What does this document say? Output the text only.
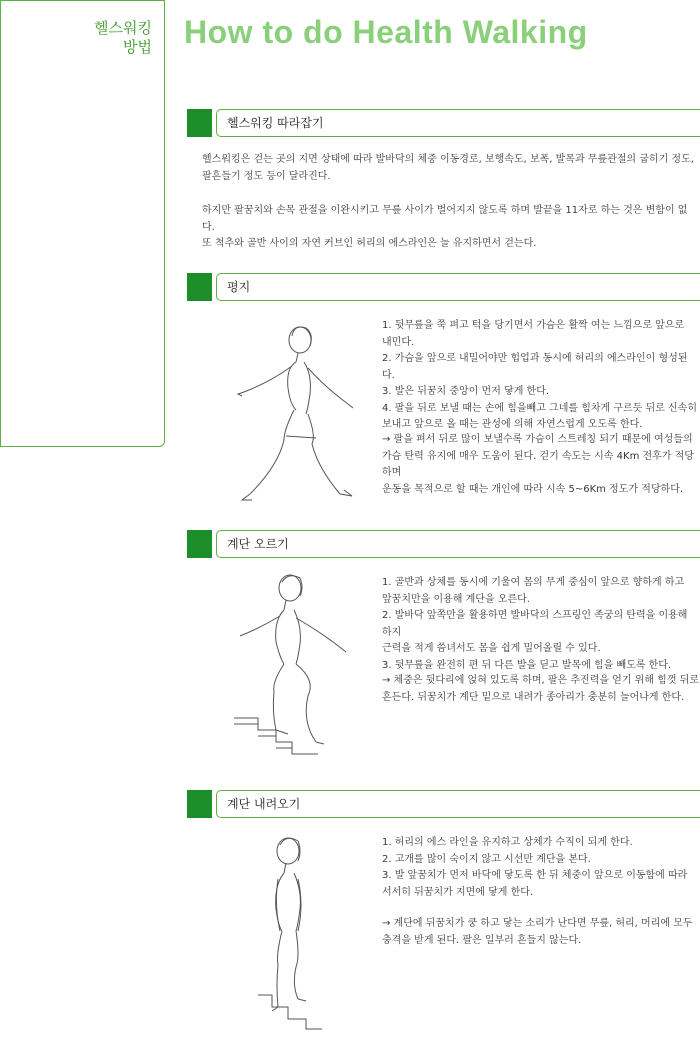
헬스워킹
방법 How to do Health Walking
헬스워킹 따라잡기
헬스워킹은 걷는 곳의 지면 상태에 따라 발바닥의 체중 이동경로, 보행속도, 보폭, 발목과 무릎관절의 굽히기 정도,
팔흔들기 정도 등이 달라진다.
하지만 팔꿈치와 손목 관절을 이완시키고 무릎 사이가 벌어지지 않도록 하며 발끝을 11자로 하는 것은 변함이 없다.
또 척추와 골반 사이의 자연 커브인 허리의 에스라인은 늘 유지하면서 걷는다.
평지
1. 뒷무릎을 쭉 펴고 턱을 당기면서 가슴은 활짝 여는 느낌으로 앞으로
내민다.
2. 가슴을 앞으로 내밀어야만 힙업과 동시에 허리의 에스라인이 형성된다.
3. 발은 뒤꿈치 중앙이 먼저 닿게 한다.
4. 팔을 뒤로 보낼 때는 손에 힘을빼고 그네를 힘차게 구르듯 뒤로 신속히
보내고 앞으로 올 때는 관성에 의해 자연스럽게 오도록 한다.
→ 팔을 펴서 뒤로 많이 보낼수록 가슴이 스트레칭 되기 때문에 여성들의
가슴 탄력 유지에 매우 도움이 된다. 걷기 속도는 시속 4Km 전후가 적당하며
운동을 목적으로 할 때는 개인에 따라 시속 5~6Km 정도가 적당하다.
계단 오르기
1. 골반과 상체를 동시에 기울여 몸의 무게 중심이 앞으로 향하게 하고
앞꿈치만을 이용해 계단을 오른다.
2. 발바닥 앞쪽만을 활용하면 발바닥의 스프링인 족궁의 탄력을 이용해 하지
근력을 적게 씀녀서도 몸을 쉽게 밀어올릴 수 있다.
3. 뒷무릎을 완전히 편 뒤 다른 발을 딛고 발목에 힘을 빼도록 한다.
→ 체중은 뒷다리에 얹혀 있도록 하며, 팔은 추진력을 얻기 위해 힘껏 뒤로
흔든다. 뒤꿈치가 계단 밑으로 내려가 종아리가 충분히 늘어나게 한다.
계단 내려오기
1. 허리의 에스 라인을 유지하고 상체가 수직이 되게 한다.
2. 고개를 많이 숙이지 않고 시선만 계단을 본다.
3. 발 앞꿈치가 먼저 바닥에 닿도록 한 뒤 체중이 앞으로 이동함에 따라
서서히 뒤꿈치가 지면에 닿게 한다.
→ 계단에 뒤꿈치가 쿵 하고 닿는 소리가 난다면 무릎, 허리, 머리에 모두
충격을 받게 된다. 팔은 일부러 흔들지 않는다.
